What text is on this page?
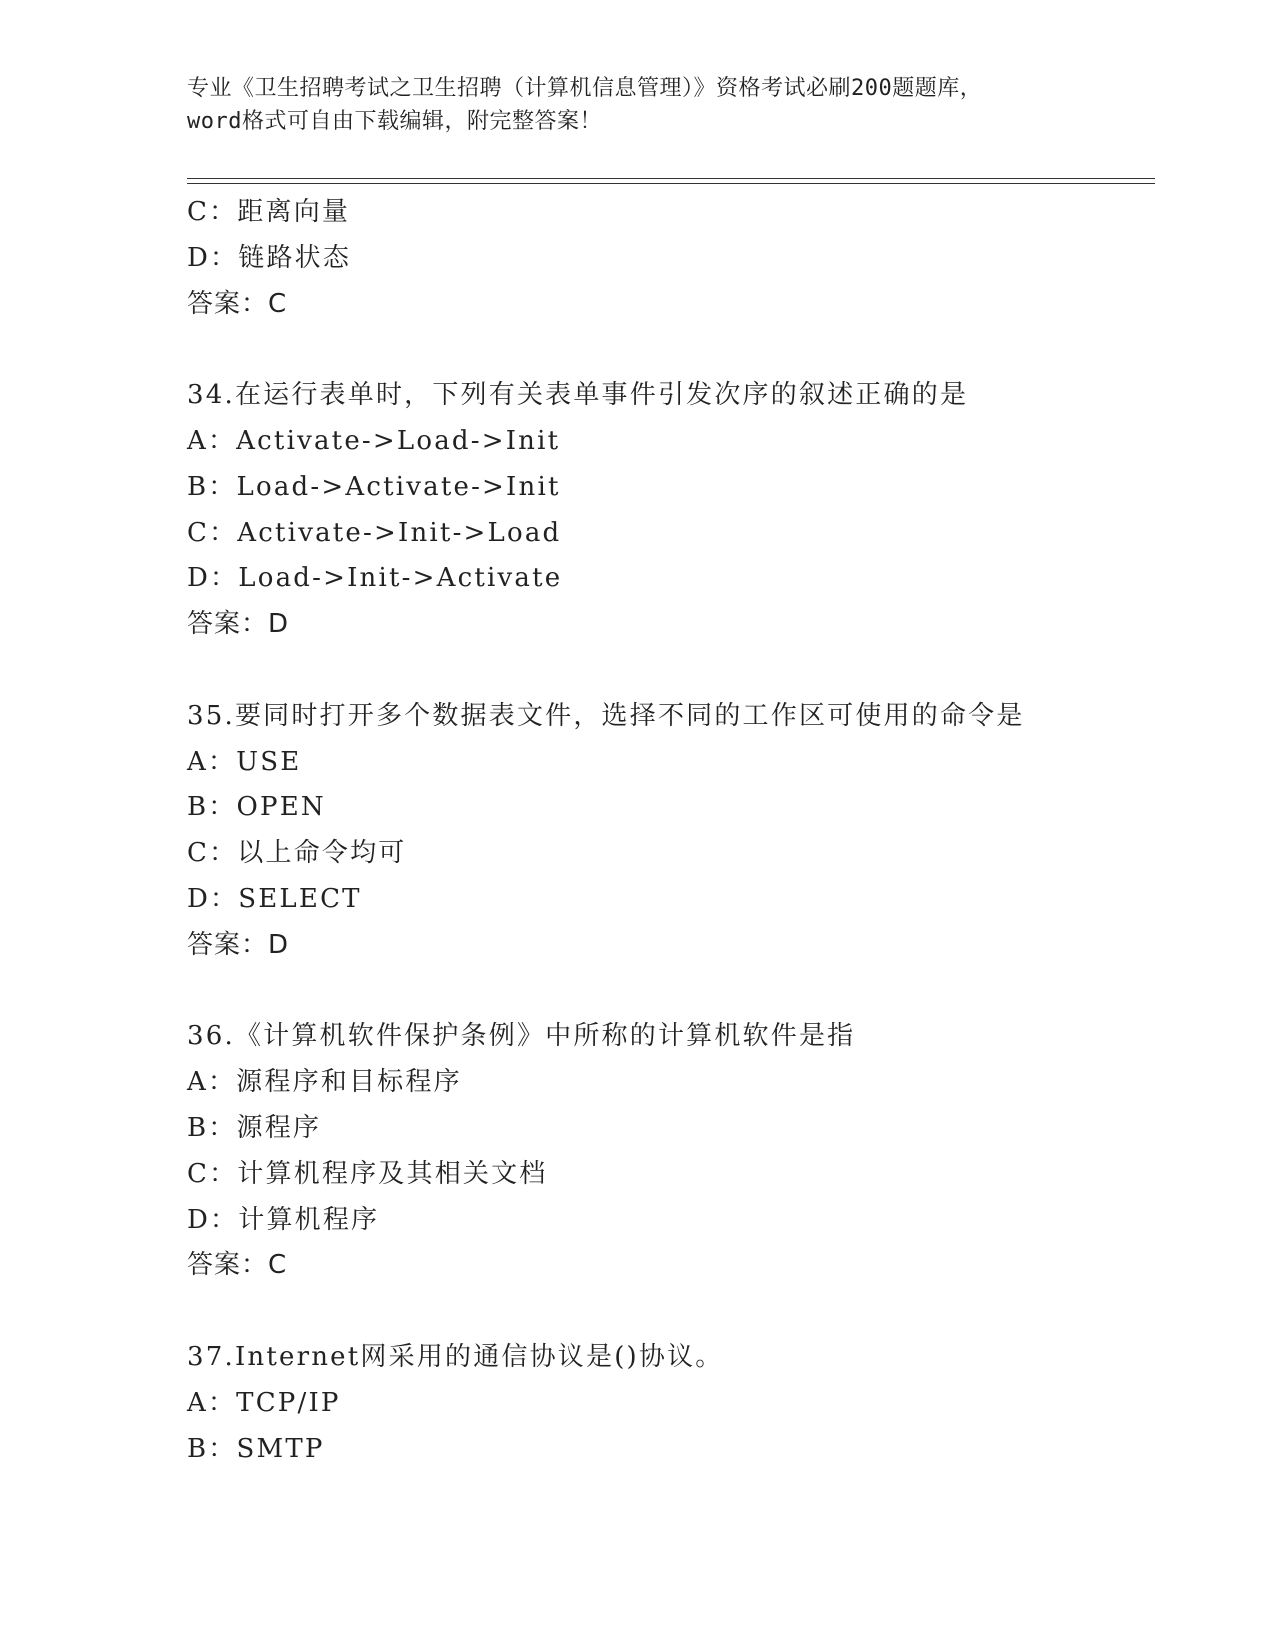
专业《卫生招聘考试之卫生招聘（计算机信息管理）》资格考试必刷200题题库，
word格式可自由下载编辑，附完整答案！
C：距离向量
D：链路状态
答案：C
34.在运行表单时，下列有关表单事件引发次序的叙述正确的是
A：Activate->Load->Init
B：Load->Activate->Init
C：Activate->Init->Load
D：Load->Init->Activate
答案：D
35.要同时打开多个数据表文件，选择不同的工作区可使用的命令是
A：USE
B：OPEN
C：以上命令均可
D：SELECT
答案：D
36.《计算机软件保护条例》中所称的计算机软件是指
A：源程序和目标程序
B：源程序
C：计算机程序及其相关文档
D：计算机程序
答案：C
37.Internet网采用的通信协议是()协议。
A：TCP/IP
B：SMTP
